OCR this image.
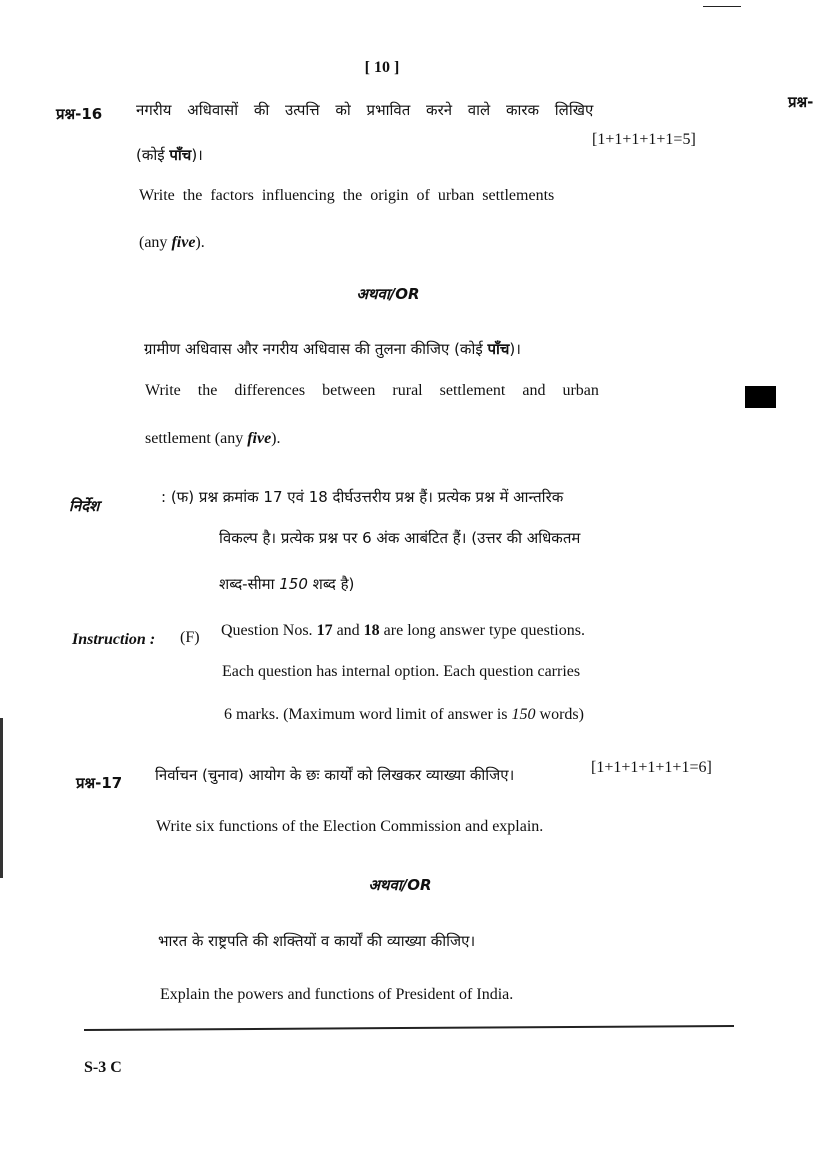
[ 10 ]
प्रश्न-
प्रश्न-16 नगरीय अधिवासों की उत्पत्ति को प्रभावित करने वाले कारक लिखिए
(कोई पाँच)।
[1+1+1+1+1=5]
Write the factors influencing the origin of urban settlements
(any five).
अथवा/OR
ग्रामीण अधिवास और नगरीय अधिवास की तुलना कीजिए (कोई पाँच)।
Write the differences between rural settlement and urban
settlement (any five).
निर्देश	: (फ) प्रश्न क्रमांक 17 एवं 18 दीर्घउत्तरीय प्रश्न हैं। प्रत्येक प्रश्न में आन्तरिक
विकल्प है। प्रत्येक प्रश्न पर 6 अंक आबंटित हैं। (उत्तर की अधिकतम
शब्द-सीमा 150 शब्द है)
Instruction : (F) Question Nos. 17 and 18 are long answer type questions.
Each question has internal option. Each question carries
6 marks. (Maximum word limit of answer is 150 words)
प्रश्न-17 निर्वाचन (चुनाव) आयोग के छः कार्यों को लिखकर व्याख्या कीजिए।	[1+1+1+1+1+1=6]
Write six functions of the Election Commission and explain.
अथवा/OR
भारत के राष्ट्रपति की शक्तियों व कार्यों की व्याख्या कीजिए।
Explain the powers and functions of President of India.
S-3 C
